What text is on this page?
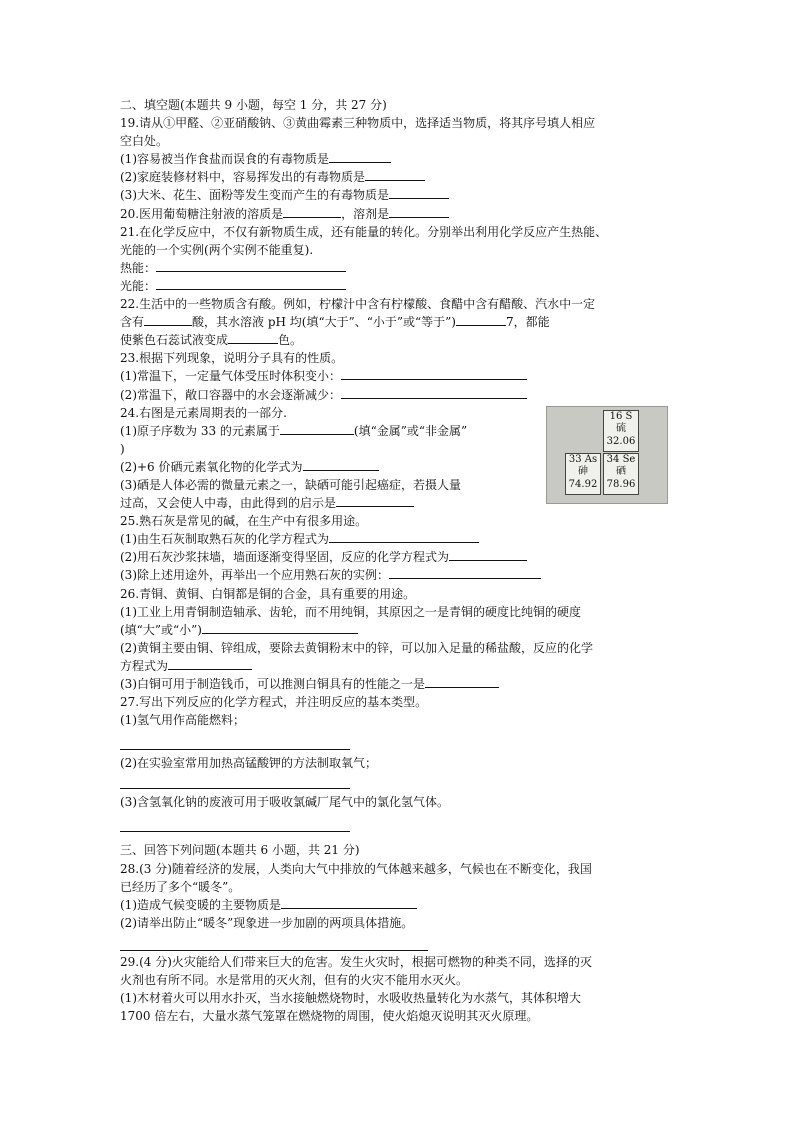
二、填空题(本题共 9 小题，每空 1 分，共 27 分)
19.请从①甲醛、②亚硝酸钠、③黄曲霉素三种物质中，选择适当物质，将其序号填人相应
空白处。
(1)容易被当作食盐而误食的有毒物质是
(2)家庭装修材料中，容易挥发出的有毒物质是
(3)大米、花生、面粉等发生变而产生的有毒物质是
20.医用葡萄糖注射液的溶质是	，溶剂是
21.在化学反应中，不仅有新物质生成，还有能量的转化。分别举出利用化学反应产生热能、
光能的一个实例(两个实例不能重复).
热能：
光能：
22.生活中的一些物质含有酸。例如，柠檬汁中含有柠檬酸、食醋中含有醋酸、汽水中一定
含有	酸，其水溶液 pH 均(填“大于”、“小于”或“等于”)	7，都能
使紫色石蕊试液变成	色。
23.根据下列现象，说明分子具有的性质。
(1)常温下，一定量气体受压时体积变小：
(2)常温下，敞口容器中的水会逐渐减少：
24.右图是元素周期表的一部分.
(1)原子序数为 33 的元素属于	(填“金属”或“非金属”
)
(2)+6 价硒元素氧化物的化学式为
(3)硒是人体必需的微量元素之一，缺硒可能引起癌症，若摄人量
过高，又会使人中毒，由此得到的启示是
16 S
硫
32.06
33 As
砷
74.92
34 Se
硒
78.96
25.熟石灰是常见的碱，在生产中有很多用途。
(1)由生石灰制取熟石灰的化学方程式为
(2)用石灰沙浆抹墙，墙面逐渐变得坚固，反应的化学方程式为
(3)除上述用途外，再举出一个应用熟石灰的实例：
26.青铜、黄铜、白铜都是铜的合金，具有重要的用途。
(1)工业上用青铜制造轴承、齿轮，而不用纯铜，其原因之一是青铜的硬度比纯铜的硬度
(填“大”或“小”)
(2)黄铜主要由铜、锌组成，要除去黄铜粉末中的锌，可以加入足量的稀盐酸，反应的化学
方程式为
(3)白铜可用于制造钱币，可以推测白铜具有的性能之一是
27.写出下列反应的化学方程式，并注明反应的基本类型。
(1)氢气用作高能燃料；
(2)在实验室常用加热高锰酸钾的方法制取氧气；
(3)含氢氧化钠的废液可用于吸收氯碱厂尾气中的氯化氢气体。
三、回答下列问题(本题共 6 小题，共 21 分)
28.(3 分)随着经济的发展，人类向大气中排放的气体越来越多，气候也在不断变化，我国
已经历了多个“暖冬”。
(1)造成气候变暖的主要物质是
(2)请举出防止“暖冬”现象进一步加剧的两项具体措施。
29.(4 分)火灾能给人们带来巨大的危害。发生火灾时，根据可燃物的种类不同，选择的灭
火剂也有所不同。水是常用的灭火剂，但有的火灾不能用水灭火。
(1)木材着火可以用水扑灭，当水接触燃烧物时，水吸收热量转化为水蒸气，其体积增大
1700 倍左右，大量水蒸气笼罩在燃烧物的周围，使火焰熄灭说明其灭火原理。
